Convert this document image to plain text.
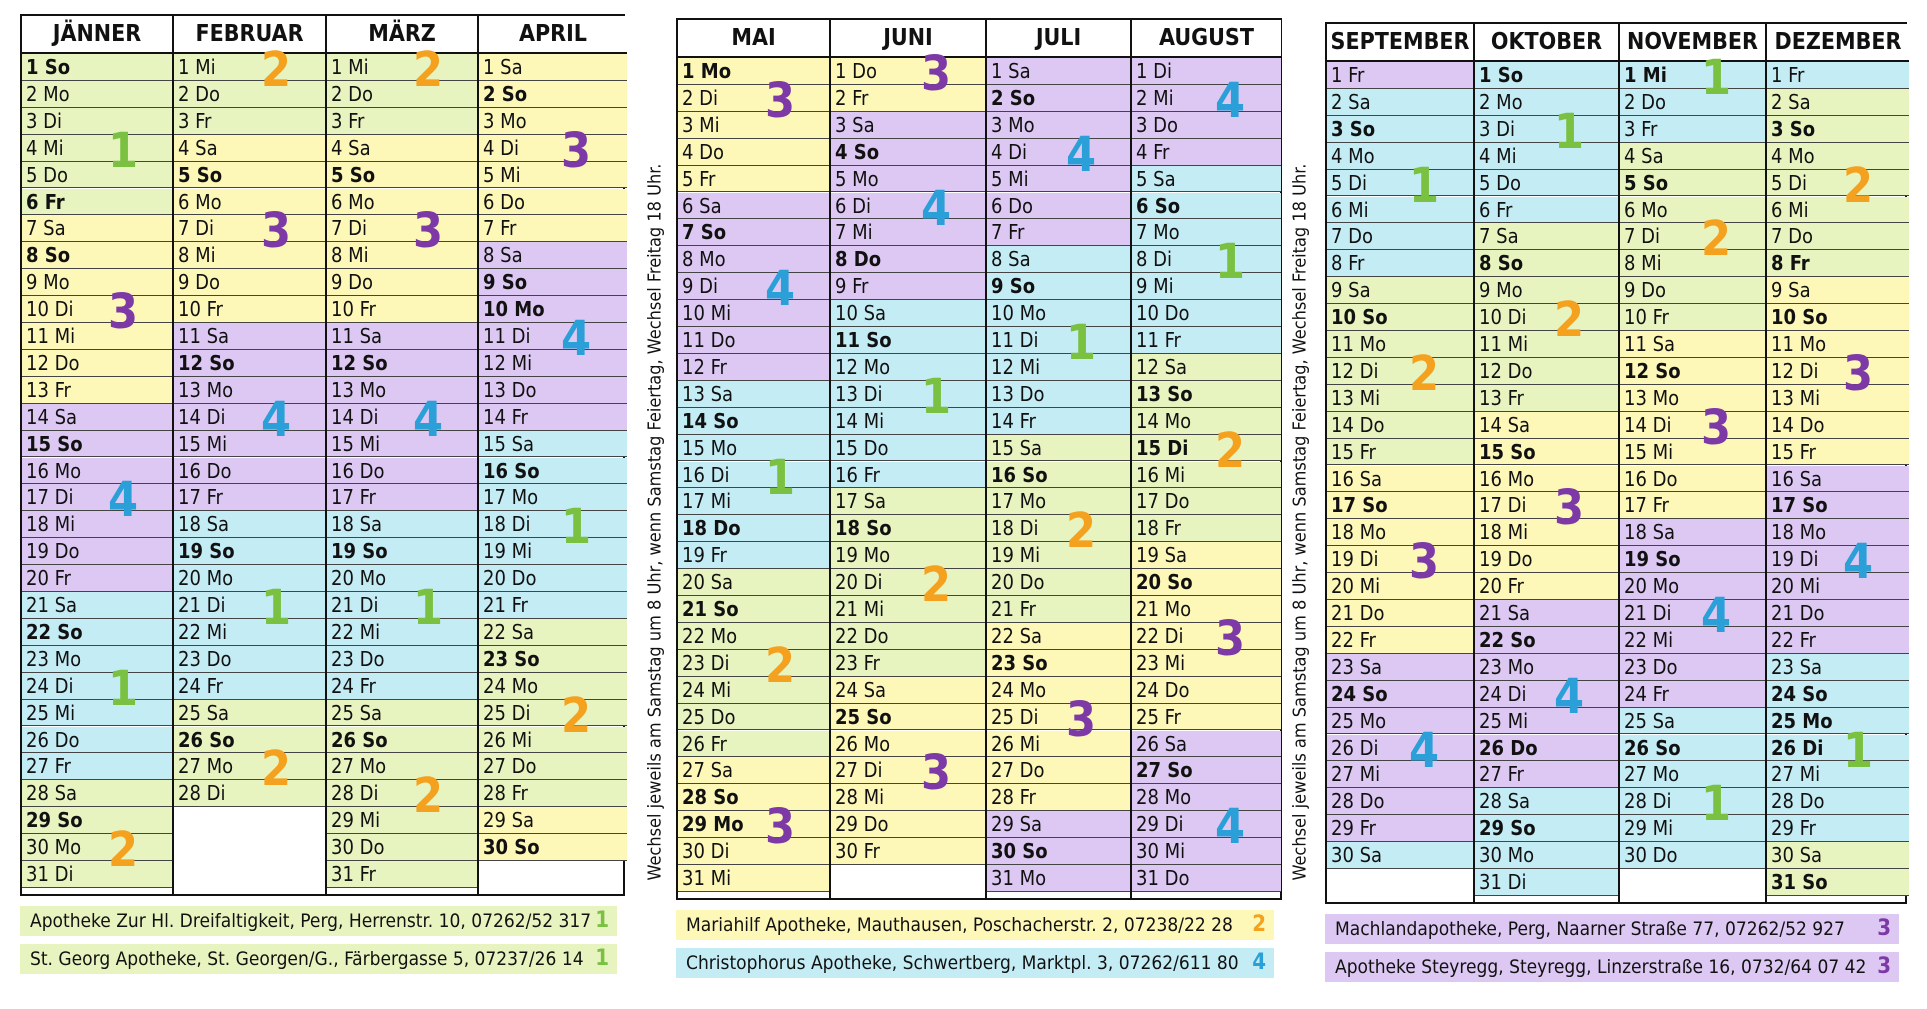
Wechsel jeweils am Samstag um 8 Uhr, wenn Samstag Feiertag, Wechsel Freitag 18 Uhr.	Wechsel jeweils am Samstag um 8 Uhr, wenn Samstag Feiertag, Wechsel Freitag 18 Uhr.
JÄNNER
1 So
2 Mo
3 Di
4 Mi
5 Do
6 Fr
7 Sa
8 So
9 Mo
10 Di
11 Mi
12 Do
13 Fr
14 Sa
15 So
16 Mo
17 Di
18 Mi
19 Do
20 Fr
21 Sa
22 So
23 Mo
24 Di
25 Mi
26 Do
27 Fr
28 Sa
29 So
30 Mo
31 Di
1
3
4
1
2
FEBRUAR
1 Mi
2 Do
3 Fr
4 Sa
5 So
6 Mo
7 Di
8 Mi
9 Do
10 Fr
11 Sa
12 So
13 Mo
14 Di
15 Mi
16 Do
17 Fr
18 Sa
19 So
20 Mo
21 Di
22 Mi
23 Do
24 Fr
25 Sa
26 So
27 Mo
28 Di
2
3
4
1
2
MÄRZ
1 Mi
2 Do
3 Fr
4 Sa
5 So
6 Mo
7 Di
8 Mi
9 Do
10 Fr
11 Sa
12 So
13 Mo
14 Di
15 Mi
16 Do
17 Fr
18 Sa
19 So
20 Mo
21 Di
22 Mi
23 Do
24 Fr
25 Sa
26 So
27 Mo
28 Di
29 Mi
30 Do
31 Fr
2
3
4
1
2
APRIL
1 Sa
2 So
3 Mo
4 Di
5 Mi
6 Do
7 Fr
8 Sa
9 So
10 Mo
11 Di
12 Mi
13 Do
14 Fr
15 Sa
16 So
17 Mo
18 Di
19 Mi
20 Do
21 Fr
22 Sa
23 So
24 Mo
25 Di
26 Mi
27 Do
28 Fr
29 Sa
30 So
3
4
1
2
Apotheke Zur Hl. Dreifaltigkeit, Perg, Herrenstr. 10, 07262/52 317 1
St. Georg Apotheke, St. Georgen/G., Färbergasse 5, 07237/26 14 1
MAI
1 Mo
2 Di
3 Mi
4 Do
5 Fr
6 Sa
7 So
8 Mo
9 Di
10 Mi
11 Do
12 Fr
13 Sa
14 So
15 Mo
16 Di
17 Mi
18 Do
19 Fr
20 Sa
21 So
22 Mo
23 Di
24 Mi
25 Do
26 Fr
27 Sa
28 So
29 Mo
30 Di
31 Mi
3
4
1
2
3
JUNI
1 Do
2 Fr
3 Sa
4 So
5 Mo
6 Di
7 Mi
8 Do
9 Fr
10 Sa
11 So
12 Mo
13 Di
14 Mi
15 Do
16 Fr
17 Sa
18 So
19 Mo
20 Di
21 Mi
22 Do
23 Fr
24 Sa
25 So
26 Mo
27 Di
28 Mi
29 Do
30 Fr
3
4
1
2
3
JULI
1 Sa
2 So
3 Mo
4 Di
5 Mi
6 Do
7 Fr
8 Sa
9 So
10 Mo
11 Di
12 Mi
13 Do
14 Fr
15 Sa
16 So
17 Mo
18 Di
19 Mi
20 Do
21 Fr
22 Sa
23 So
24 Mo
25 Di
26 Mi
27 Do
28 Fr
29 Sa
30 So
31 Mo
4
1
2
3
AUGUST
1 Di
2 Mi
3 Do
4 Fr
5 Sa
6 So
7 Mo
8 Di
9 Mi
10 Do
11 Fr
12 Sa
13 So
14 Mo
15 Di
16 Mi
17 Do
18 Fr
19 Sa
20 So
21 Mo
22 Di
23 Mi
24 Do
25 Fr
26 Sa
27 So
28 Mo
29 Di
30 Mi
31 Do
4
1
2
3
4
Mariahilf Apotheke, Mauthausen, Poschacherstr. 2, 07238/22 28 2
Christophorus Apotheke, Schwertberg, Marktpl. 3, 07262/611 80 4
SEPTEMBER
1 Fr
2 Sa
3 So
4 Mo
5 Di
6 Mi
7 Do
8 Fr
9 Sa
10 So
11 Mo
12 Di
13 Mi
14 Do
15 Fr
16 Sa
17 So
18 Mo
19 Di
20 Mi
21 Do
22 Fr
23 Sa
24 So
25 Mo
26 Di
27 Mi
28 Do
29 Fr
30 Sa
1
2
3
4
OKTOBER
1 So
2 Mo
3 Di
4 Mi
5 Do
6 Fr
7 Sa
8 So
9 Mo
10 Di
11 Mi
12 Do
13 Fr
14 Sa
15 So
16 Mo
17 Di
18 Mi
19 Do
20 Fr
21 Sa
22 So
23 Mo
24 Di
25 Mi
26 Do
27 Fr
28 Sa
29 So
30 Mo
31 Di
1
2
3
4
NOVEMBER
1 Mi
2 Do
3 Fr
4 Sa
5 So
6 Mo
7 Di
8 Mi
9 Do
10 Fr
11 Sa
12 So
13 Mo
14 Di
15 Mi
16 Do
17 Fr
18 Sa
19 So
20 Mo
21 Di
22 Mi
23 Do
24 Fr
25 Sa
26 So
27 Mo
28 Di
29 Mi
30 Do
1
2
3
4
1
DEZEMBER
1 Fr
2 Sa
3 So
4 Mo
5 Di
6 Mi
7 Do
8 Fr
9 Sa
10 So
11 Mo
12 Di
13 Mi
14 Do
15 Fr
16 Sa
17 So
18 Mo
19 Di
20 Mi
21 Do
22 Fr
23 Sa
24 So
25 Mo
26 Di
27 Mi
28 Do
29 Fr
30 Sa
31 So
2
3
4
1
Machlandapotheke, Perg, Naarner Straße 77, 07262/52 927 3
Apotheke Steyregg, Steyregg, Linzerstraße 16, 0732/64 07 42 3
